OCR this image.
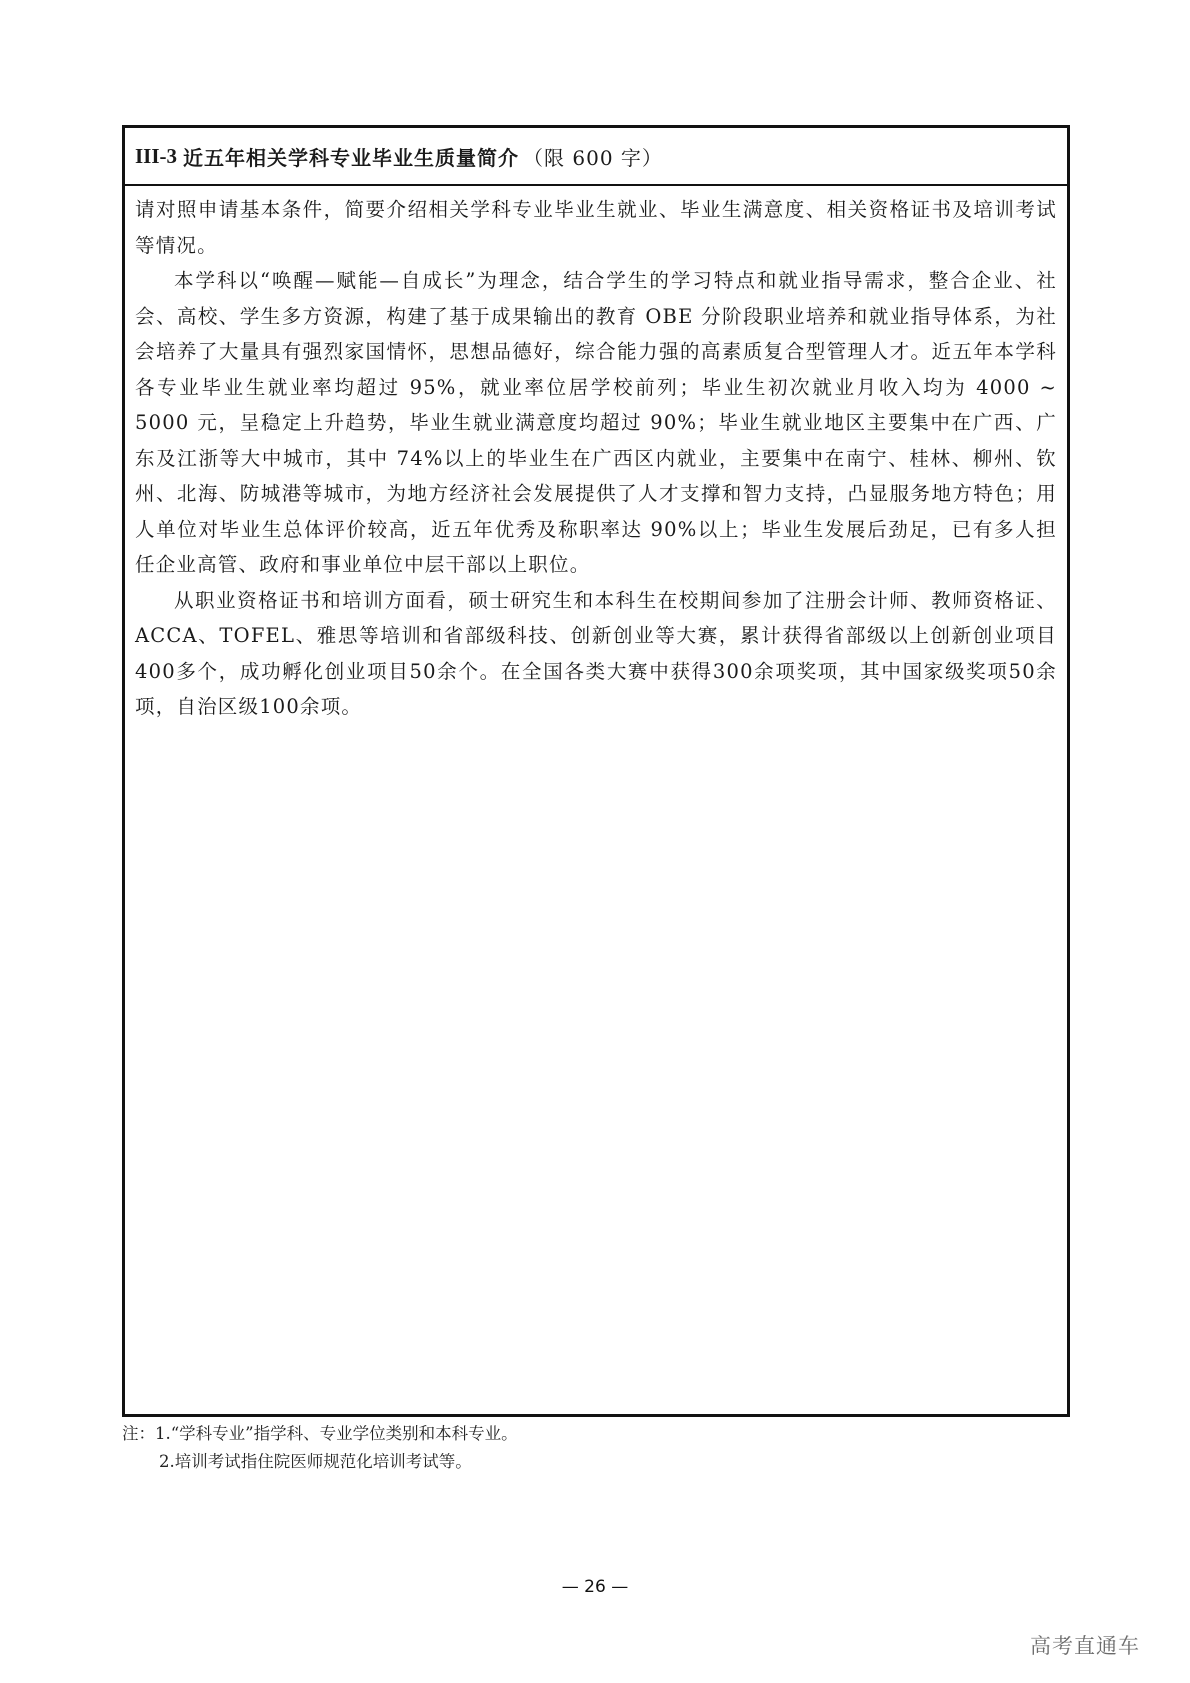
III-3 近五年相关学科专业毕业生质量简介 （限 600 字）

请对照申请基本条件，简要介绍相关学科专业毕业生就业、毕业生满意度、相关资格证书及培训考试等情况。

本学科以“唤醒—赋能—自成长”为理念，结合学生的学习特点和就业指导需求，整合企业、社会、高校、学生多方资源，构建了基于成果输出的教育 OBE 分阶段职业培养和就业指导体系，为社会培养了大量具有强烈家国情怀，思想品德好，综合能力强的高素质复合型管理人才。近五年本学科各专业毕业生就业率均超过 95%，就业率位居学校前列；毕业生初次就业月收入均为 4000 ~ 5000 元，呈稳定上升趋势，毕业生就业满意度均超过 90%；毕业生就业地区主要集中在广西、广东及江浙等大中城市，其中 74%以上的毕业生在广西区内就业，主要集中在南宁、桂林、柳州、钦州、北海、防城港等城市，为地方经济社会发展提供了人才支撑和智力支持，凸显服务地方特色；用人单位对毕业生总体评价较高，近五年优秀及称职率达 90%以上；毕业生发展后劲足，已有多人担任企业高管、政府和事业单位中层干部以上职位。

从职业资格证书和培训方面看，硕士研究生和本科生在校期间参加了注册会计师、教师资格证、ACCA、TOFEL、雅思等培训和省部级科技、创新创业等大赛，累计获得省部级以上创新创业项目400多个，成功孵化创业项目50余个。在全国各类大赛中获得300余项奖项，其中国家级奖项50余项，自治区级100余项。

注：1.“学科专业”指学科、专业学位类别和本科专业。
2.培训考试指住院医师规范化培训考试等。
— 26 —
高考直通车
